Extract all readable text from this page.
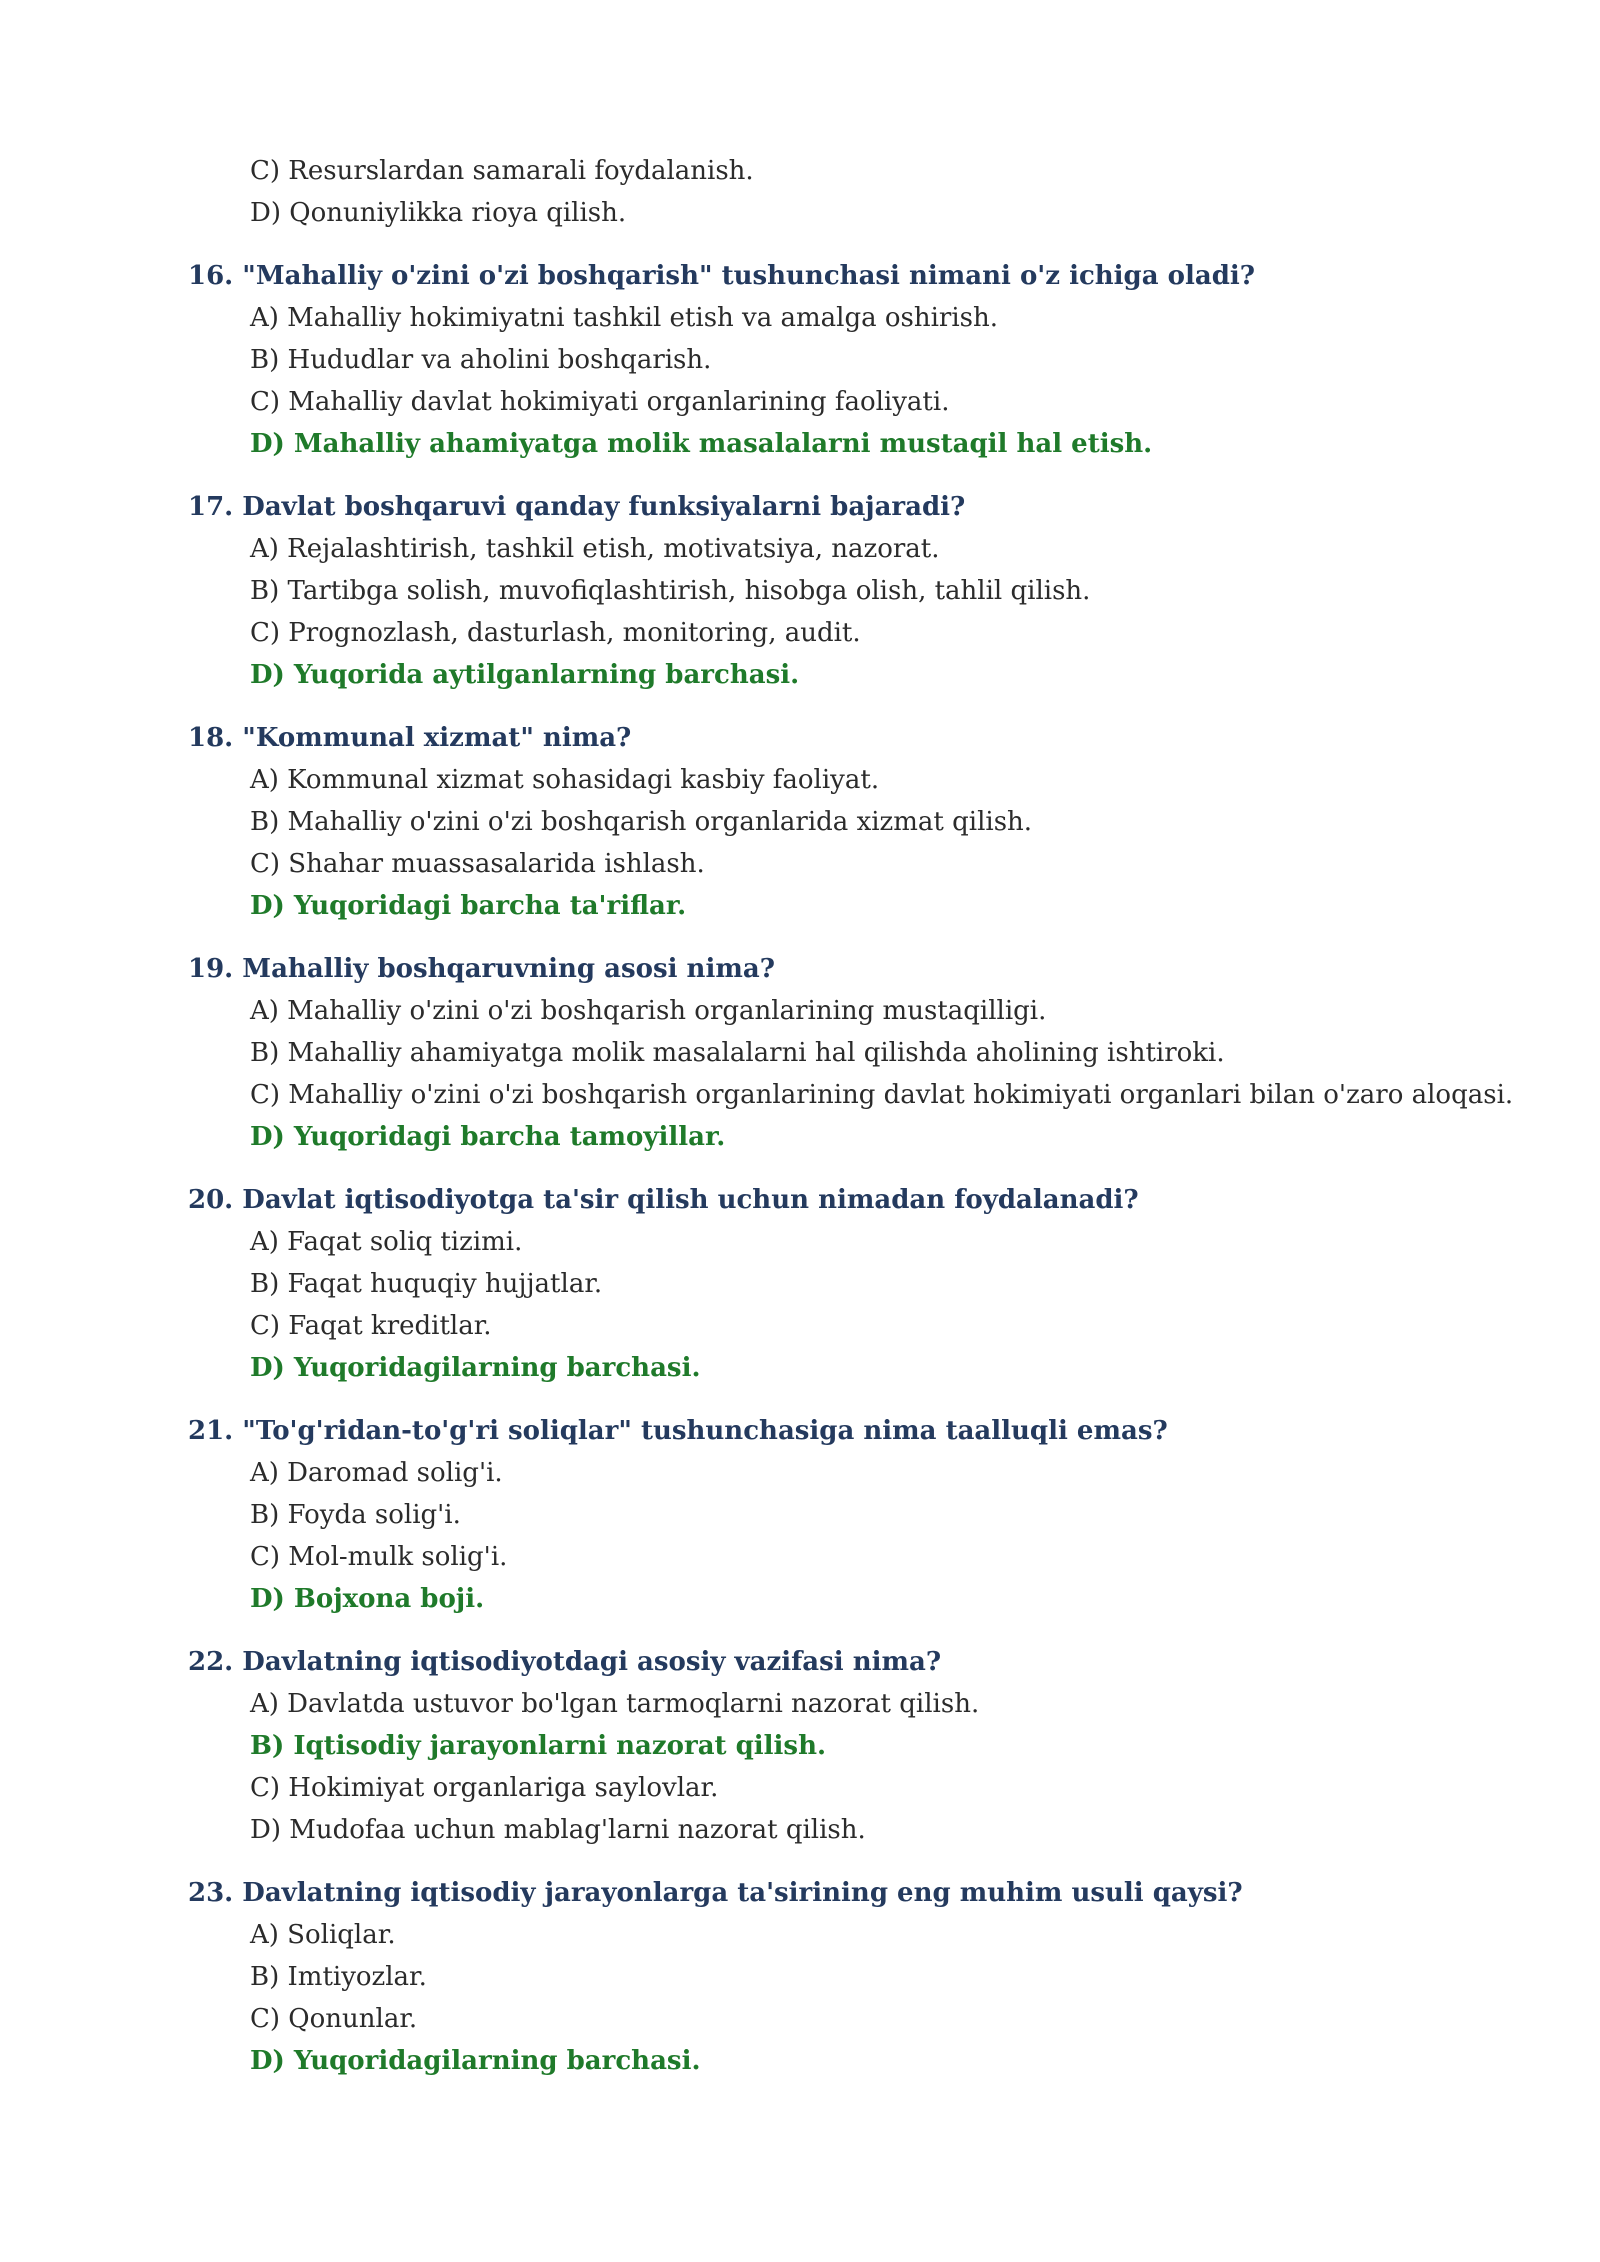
C) Resurslardan samarali foydalanish.
D) Qonuniylikka rioya qilish.
16. "Mahalliy o'zini o'zi boshqarish" tushunchasi nimani o'z ichiga oladi?
A) Mahalliy hokimiyatni tashkil etish va amalga oshirish.
B) Hududlar va aholini boshqarish.
C) Mahalliy davlat hokimiyati organlarining faoliyati.
D) Mahalliy ahamiyatga molik masalalarni mustaqil hal etish.
17. Davlat boshqaruvi qanday funksiyalarni bajaradi?
A) Rejalashtirish, tashkil etish, motivatsiya, nazorat.
B) Tartibga solish, muvofiqlashtirish, hisobga olish, tahlil qilish.
C) Prognozlash, dasturlash, monitoring, audit.
D) Yuqorida aytilganlarning barchasi.
18. "Kommunal xizmat" nima?
A) Kommunal xizmat sohasidagi kasbiy faoliyat.
B) Mahalliy o'zini o'zi boshqarish organlarida xizmat qilish.
C) Shahar muassasalarida ishlash.
D) Yuqoridagi barcha ta'riflar.
19. Mahalliy boshqaruvning asosi nima?
A) Mahalliy o'zini o'zi boshqarish organlarining mustaqilligi.
B) Mahalliy ahamiyatga molik masalalarni hal qilishda aholining ishtiroki.
C) Mahalliy o'zini o'zi boshqarish organlarining davlat hokimiyati organlari bilan o'zaro aloqasi.
D) Yuqoridagi barcha tamoyillar.
20. Davlat iqtisodiyotga ta'sir qilish uchun nimadan foydalanadi?
A) Faqat soliq tizimi.
B) Faqat huquqiy hujjatlar.
C) Faqat kreditlar.
D) Yuqoridagilarning barchasi.
21. "To'g'ridan-to'g'ri soliqlar" tushunchasiga nima taalluqli emas?
A) Daromad solig'i.
B) Foyda solig'i.
C) Mol-mulk solig'i.
D) Bojxona boji.
22. Davlatning iqtisodiyotdagi asosiy vazifasi nima?
A) Davlatda ustuvor bo'lgan tarmoqlarni nazorat qilish.
B) Iqtisodiy jarayonlarni nazorat qilish.
C) Hokimiyat organlariga saylovlar.
D) Mudofaa uchun mablag'larni nazorat qilish.
23. Davlatning iqtisodiy jarayonlarga ta'sirining eng muhim usuli qaysi?
A) Soliqlar.
B) Imtiyozlar.
C) Qonunlar.
D) Yuqoridagilarning barchasi.
